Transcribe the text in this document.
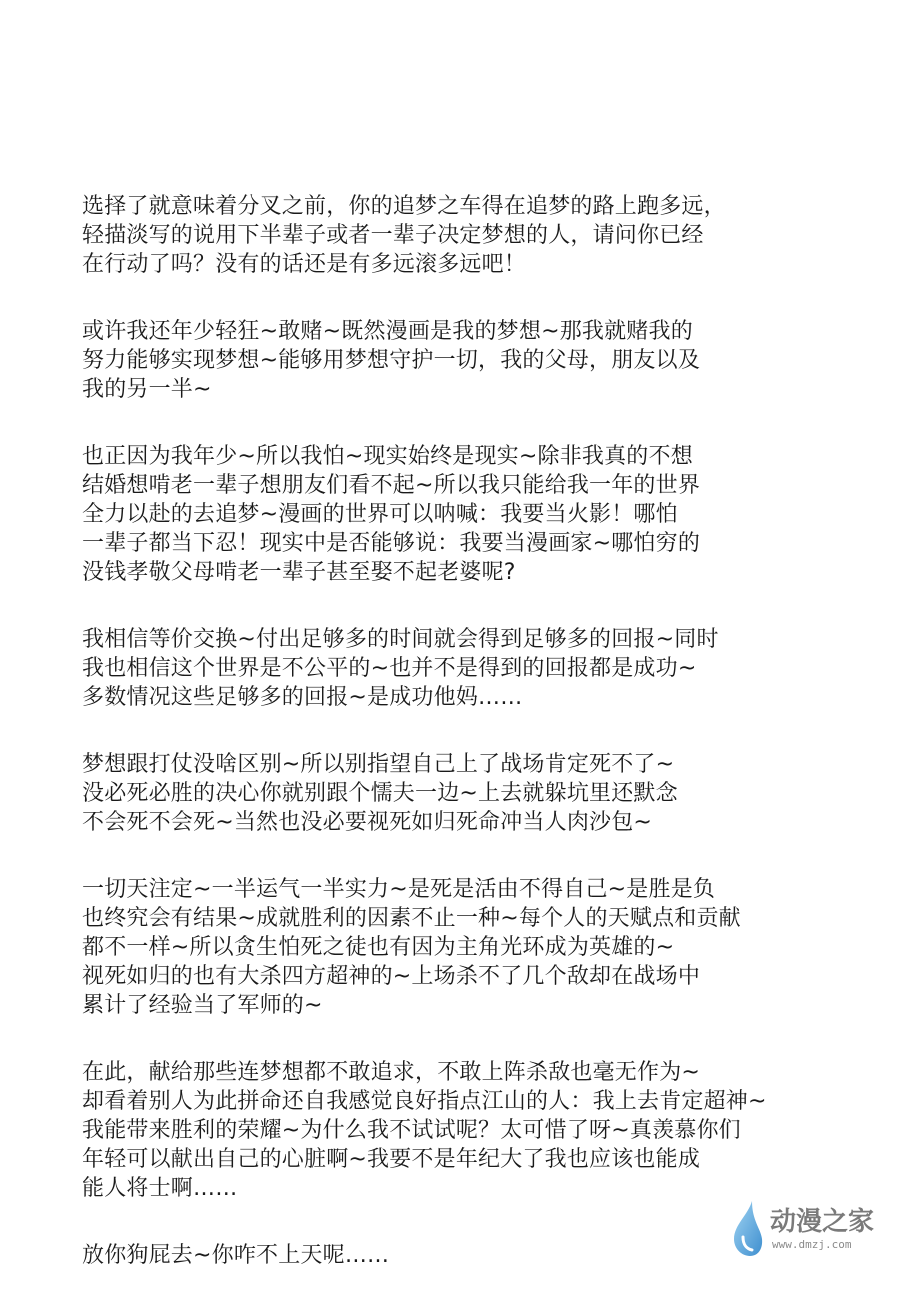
选择了就意味着分叉之前，你的追梦之车得在追梦的路上跑多远，
轻描淡写的说用下半辈子或者一辈子决定梦想的人，请问你已经
在行动了吗？没有的话还是有多远滚多远吧！

或许我还年少轻狂~敢赌~既然漫画是我的梦想~那我就赌我的
努力能够实现梦想~能够用梦想守护一切，我的父母，朋友以及
我的另一半~

也正因为我年少~所以我怕~现实始终是现实~除非我真的不想
结婚想啃老一辈子想朋友们看不起~所以我只能给我一年的世界
全力以赴的去追梦~漫画的世界可以呐喊：我要当火影！哪怕
一辈子都当下忍！现实中是否能够说：我要当漫画家~哪怕穷的
没钱孝敬父母啃老一辈子甚至娶不起老婆呢?

我相信等价交换~付出足够多的时间就会得到足够多的回报~同时
我也相信这个世界是不公平的~也并不是得到的回报都是成功~
多数情况这些足够多的回报~是成功他妈……

梦想跟打仗没啥区别~所以别指望自己上了战场肯定死不了~
没必死必胜的决心你就别跟个懦夫一边~上去就躲坑里还默念
不会死不会死~当然也没必要视死如归死命冲当人肉沙包~

一切天注定~一半运气一半实力~是死是活由不得自己~是胜是负
也终究会有结果~成就胜利的因素不止一种~每个人的天赋点和贡献
都不一样~所以贪生怕死之徒也有因为主角光环成为英雄的~
视死如归的也有大杀四方超神的~上场杀不了几个敌却在战场中
累计了经验当了军师的~

在此，献给那些连梦想都不敢追求，不敢上阵杀敌也毫无作为~
却看着别人为此拼命还自我感觉良好指点江山的人：我上去肯定超神~
我能带来胜利的荣耀~为什么我不试试呢？太可惜了呀~真羡慕你们
年轻可以献出自己的心脏啊~我要不是年纪大了我也应该也能成
能人将士啊……

放你狗屁去~你咋不上天呢……

动漫之家
www.dmzj.com
